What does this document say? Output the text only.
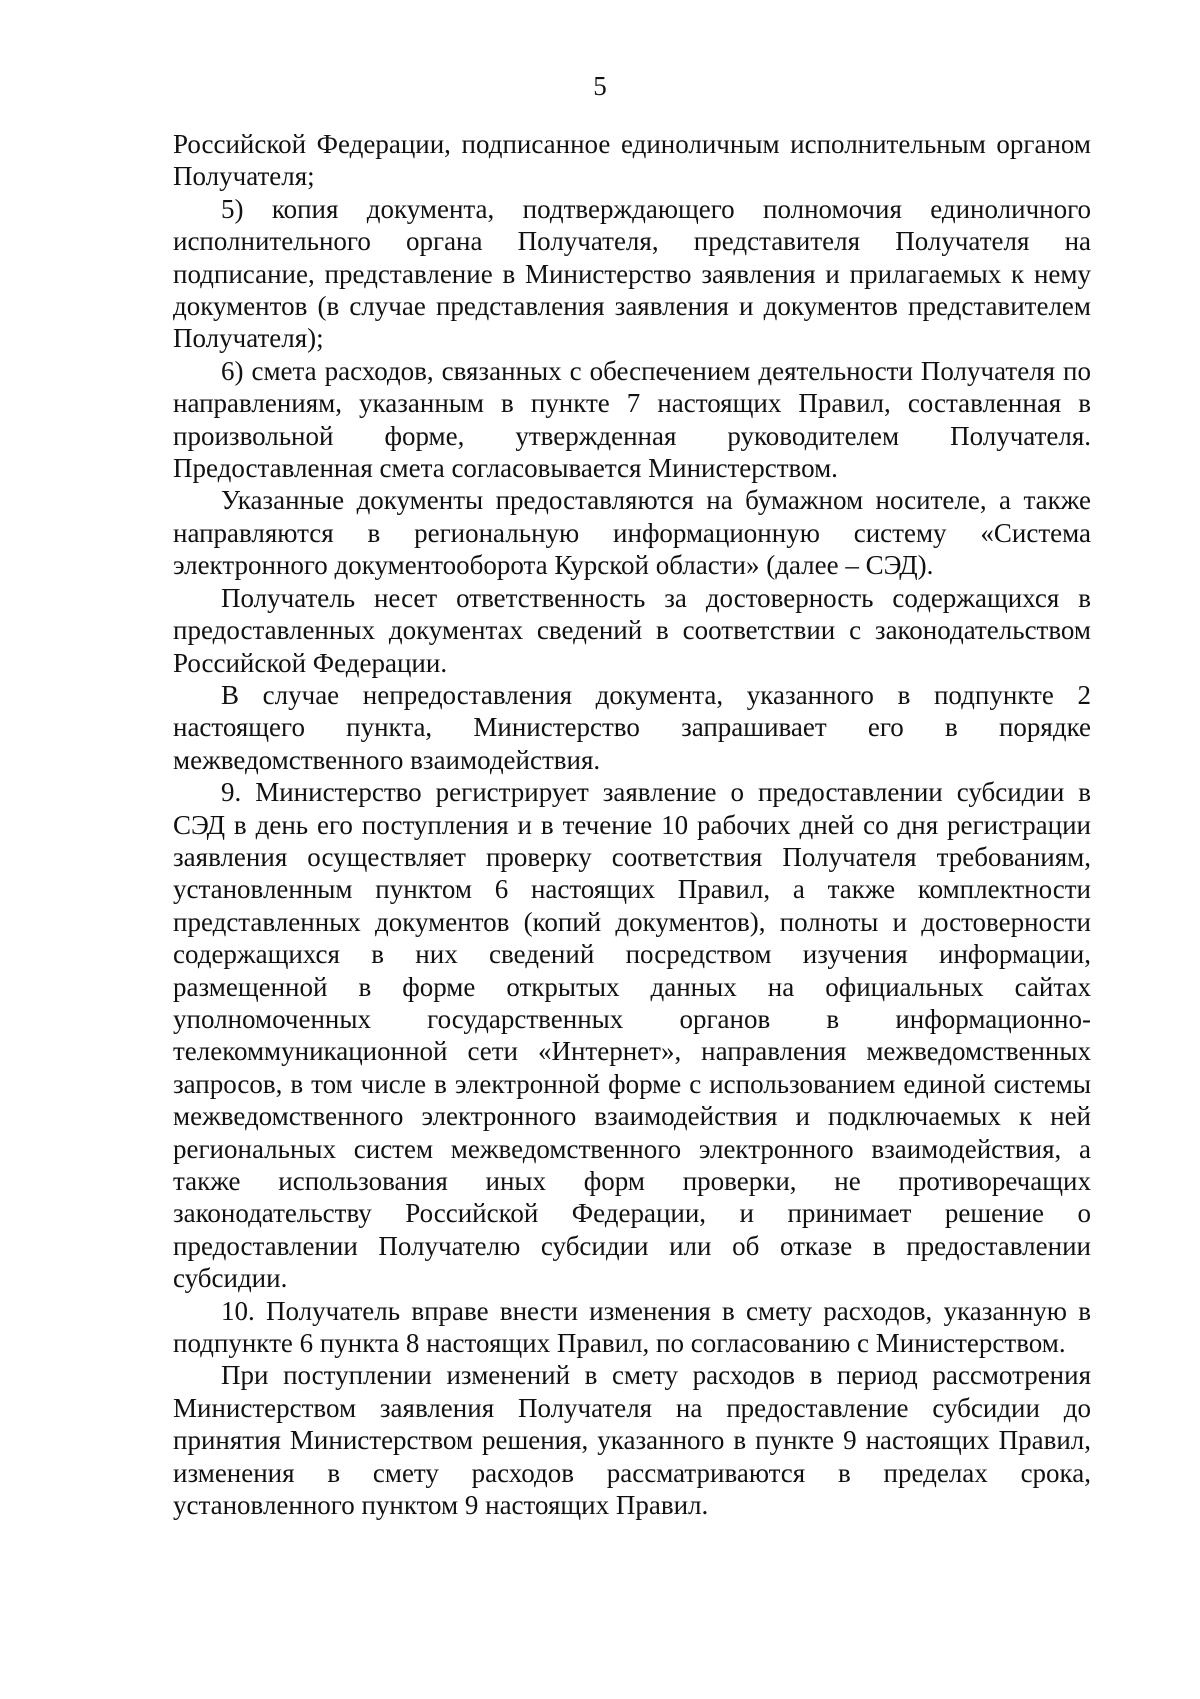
5

Российской Федерации, подписанное единоличным исполнительным органом Получателя;

5) копия документа, подтверждающего полномочия единоличного исполнительного органа Получателя, представителя Получателя на подписание, представление в Министерство заявления и прилагаемых к нему документов (в случае представления заявления и документов представителем Получателя);

6) смета расходов, связанных с обеспечением деятельности Получателя по направлениям, указанным в пункте 7 настоящих Правил, составленная в произвольной форме, утвержденная руководителем Получателя. Предоставленная смета согласовывается Министерством.

Указанные документы предоставляются на бумажном носителе, а также направляются в региональную информационную систему «Система электронного документооборота Курской области» (далее – СЭД).

Получатель несет ответственность за достоверность содержащихся в предоставленных документах сведений в соответствии с законодательством Российской Федерации.

В случае непредоставления документа, указанного в подпункте 2 настоящего пункта, Министерство запрашивает его в порядке межведомственного взаимодействия.

9. Министерство регистрирует заявление о предоставлении субсидии в СЭД в день его поступления и в течение 10 рабочих дней со дня регистрации заявления осуществляет проверку соответствия Получателя требованиям, установленным пунктом 6 настоящих Правил, а также комплектности представленных документов (копий документов), полноты и достоверности содержащихся в них сведений посредством изучения информации, размещенной в форме открытых данных на официальных сайтах уполномоченных государственных органов в информационно-телекоммуникационной сети «Интернет», направления межведомственных запросов, в том числе в электронной форме с использованием единой системы межведомственного электронного взаимодействия и подключаемых к ней региональных систем межведомственного электронного взаимодействия, а также использования иных форм проверки, не противоречащих законодательству Российской Федерации, и принимает решение о предоставлении Получателю субсидии или об отказе в предоставлении субсидии.

10. Получатель вправе внести изменения в смету расходов, указанную в подпункте 6 пункта 8 настоящих Правил, по согласованию с Министерством.

При поступлении изменений в смету расходов в период рассмотрения Министерством заявления Получателя на предоставление субсидии до принятия Министерством решения, указанного в пункте 9 настоящих Правил, изменения в смету расходов рассматриваются в пределах срока, установленного пунктом 9 настоящих Правил.
